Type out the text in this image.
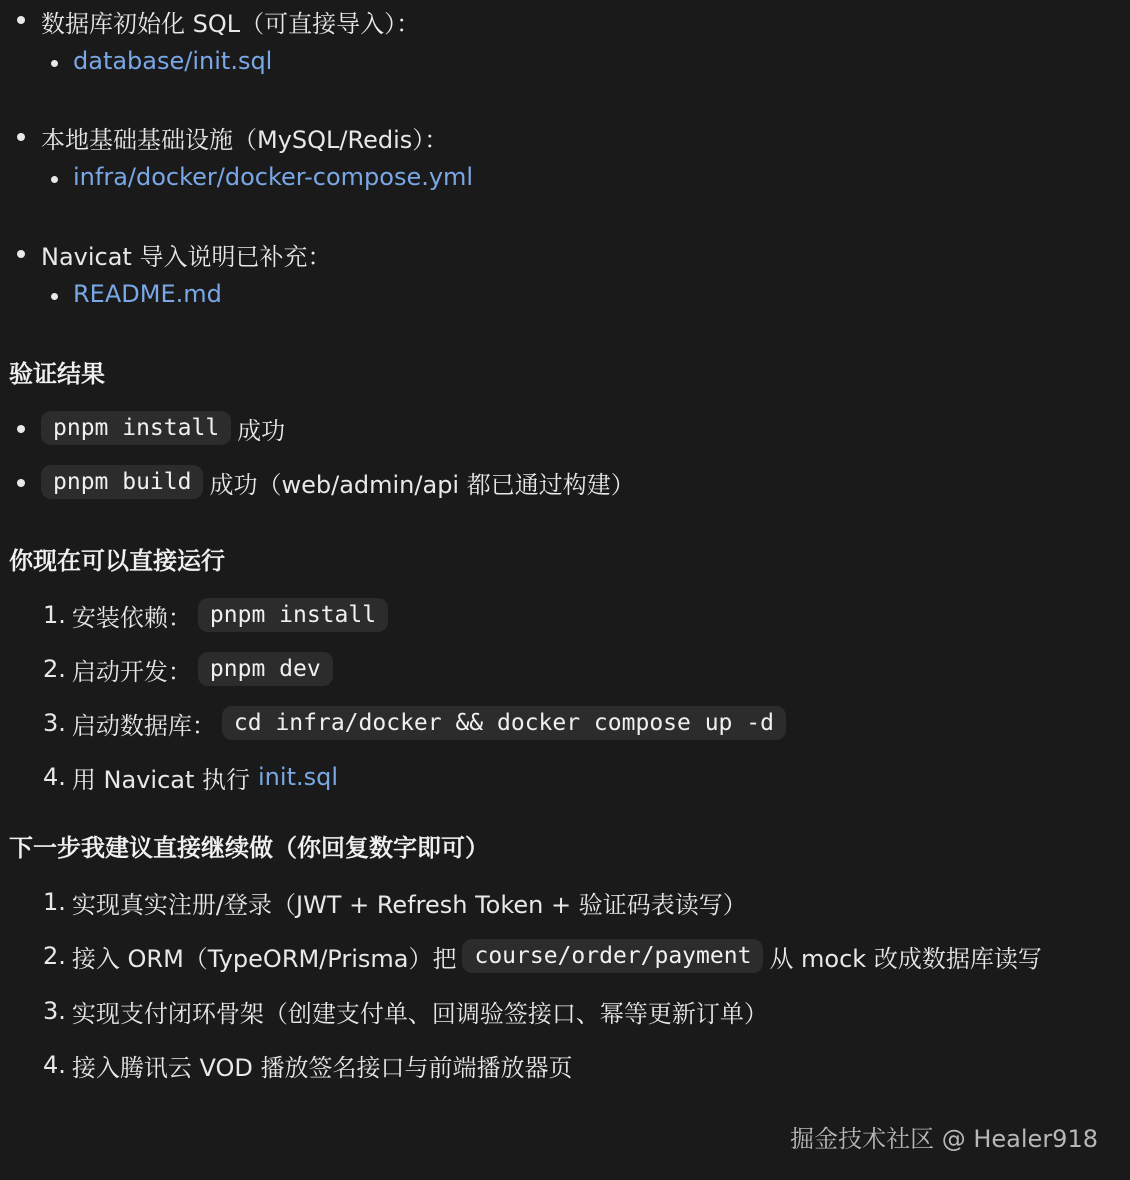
数据库初始化 SQL（可直接导入）：
database/init.sql
本地基础基础设施（MySQL/Redis）：
infra/docker/docker-compose.yml
Navicat 导入说明已补充：
README.md
验证结果
pnpm install 成功
pnpm build 成功（web/admin/api 都已通过构建）
你现在可以直接运行
1. 安装依赖： pnpm install
2. 启动开发： pnpm dev
3. 启动数据库： cd infra/docker && docker compose up -d
4. 用 Navicat 执行 init.sql
下一步我建议直接继续做（你回复数字即可）
1. 实现真实注册/登录（JWT + Refresh Token + 验证码表读写）
2. 接入 ORM（TypeORM/Prisma）把 course/order/payment 从 mock 改成数据库读写
3. 实现支付闭环骨架（创建支付单、回调验签接口、幂等更新订单）
4. 接入腾讯云 VOD 播放签名接口与前端播放器页
掘金技术社区 @ Healer918
